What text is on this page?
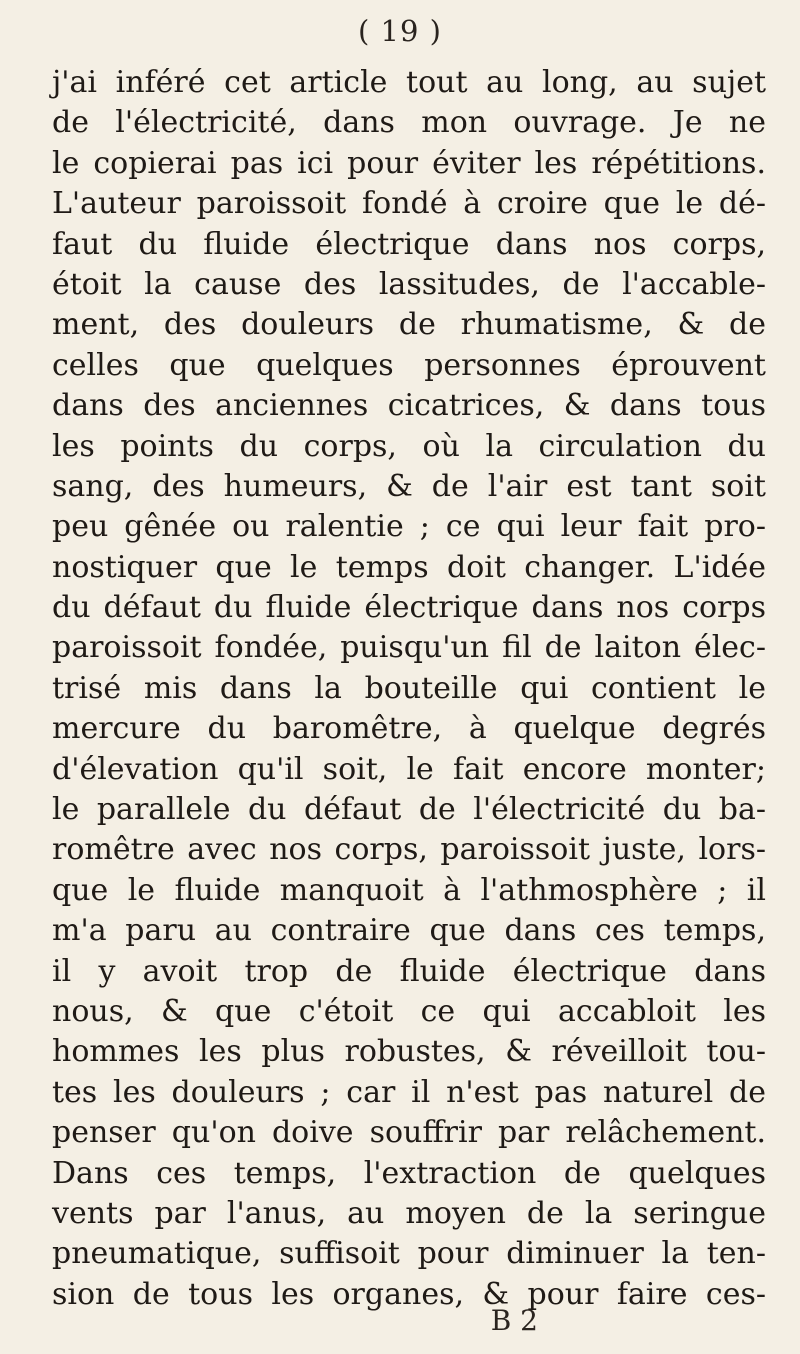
( 19 )
j'ai inféré cet article tout au long, au sujet
de l'électricité, dans mon ouvrage. Je ne
le copierai pas ici pour éviter les répétitions.
L'auteur paroissoit fondé à croire que le dé-
faut du fluide électrique dans nos corps,
étoit la cause des lassitudes, de l'accable-
ment, des douleurs de rhumatisme, & de
celles que quelques personnes éprouvent
dans des anciennes cicatrices, & dans tous
les points du corps, où la circulation du
sang, des humeurs, & de l'air est tant soit
peu gênée ou ralentie ; ce qui leur fait pro-
nostiquer que le temps doit changer. L'idée
du défaut du fluide électrique dans nos corps
paroissoit fondée, puisqu'un fil de laiton élec-
trisé mis dans la bouteille qui contient le
mercure du baromêtre, à quelque degrés
d'élevation qu'il soit, le fait encore monter;
le parallele du défaut de l'électricité du ba-
romêtre avec nos corps, paroissoit juste, lors-
que le fluide manquoit à l'athmosphère ; il
m'a paru au contraire que dans ces temps,
il y avoit trop de fluide électrique dans
nous, & que c'étoit ce qui accabloit les
hommes les plus robustes, & réveilloit tou-
tes les douleurs ; car il n'est pas naturel de
penser qu'on doive souffrir par relâchement.
Dans ces temps, l'extraction de quelques
vents par l'anus, au moyen de la seringue
pneumatique, suffisoit pour diminuer la ten-
sion de tous les organes, & pour faire ces-
B 2
